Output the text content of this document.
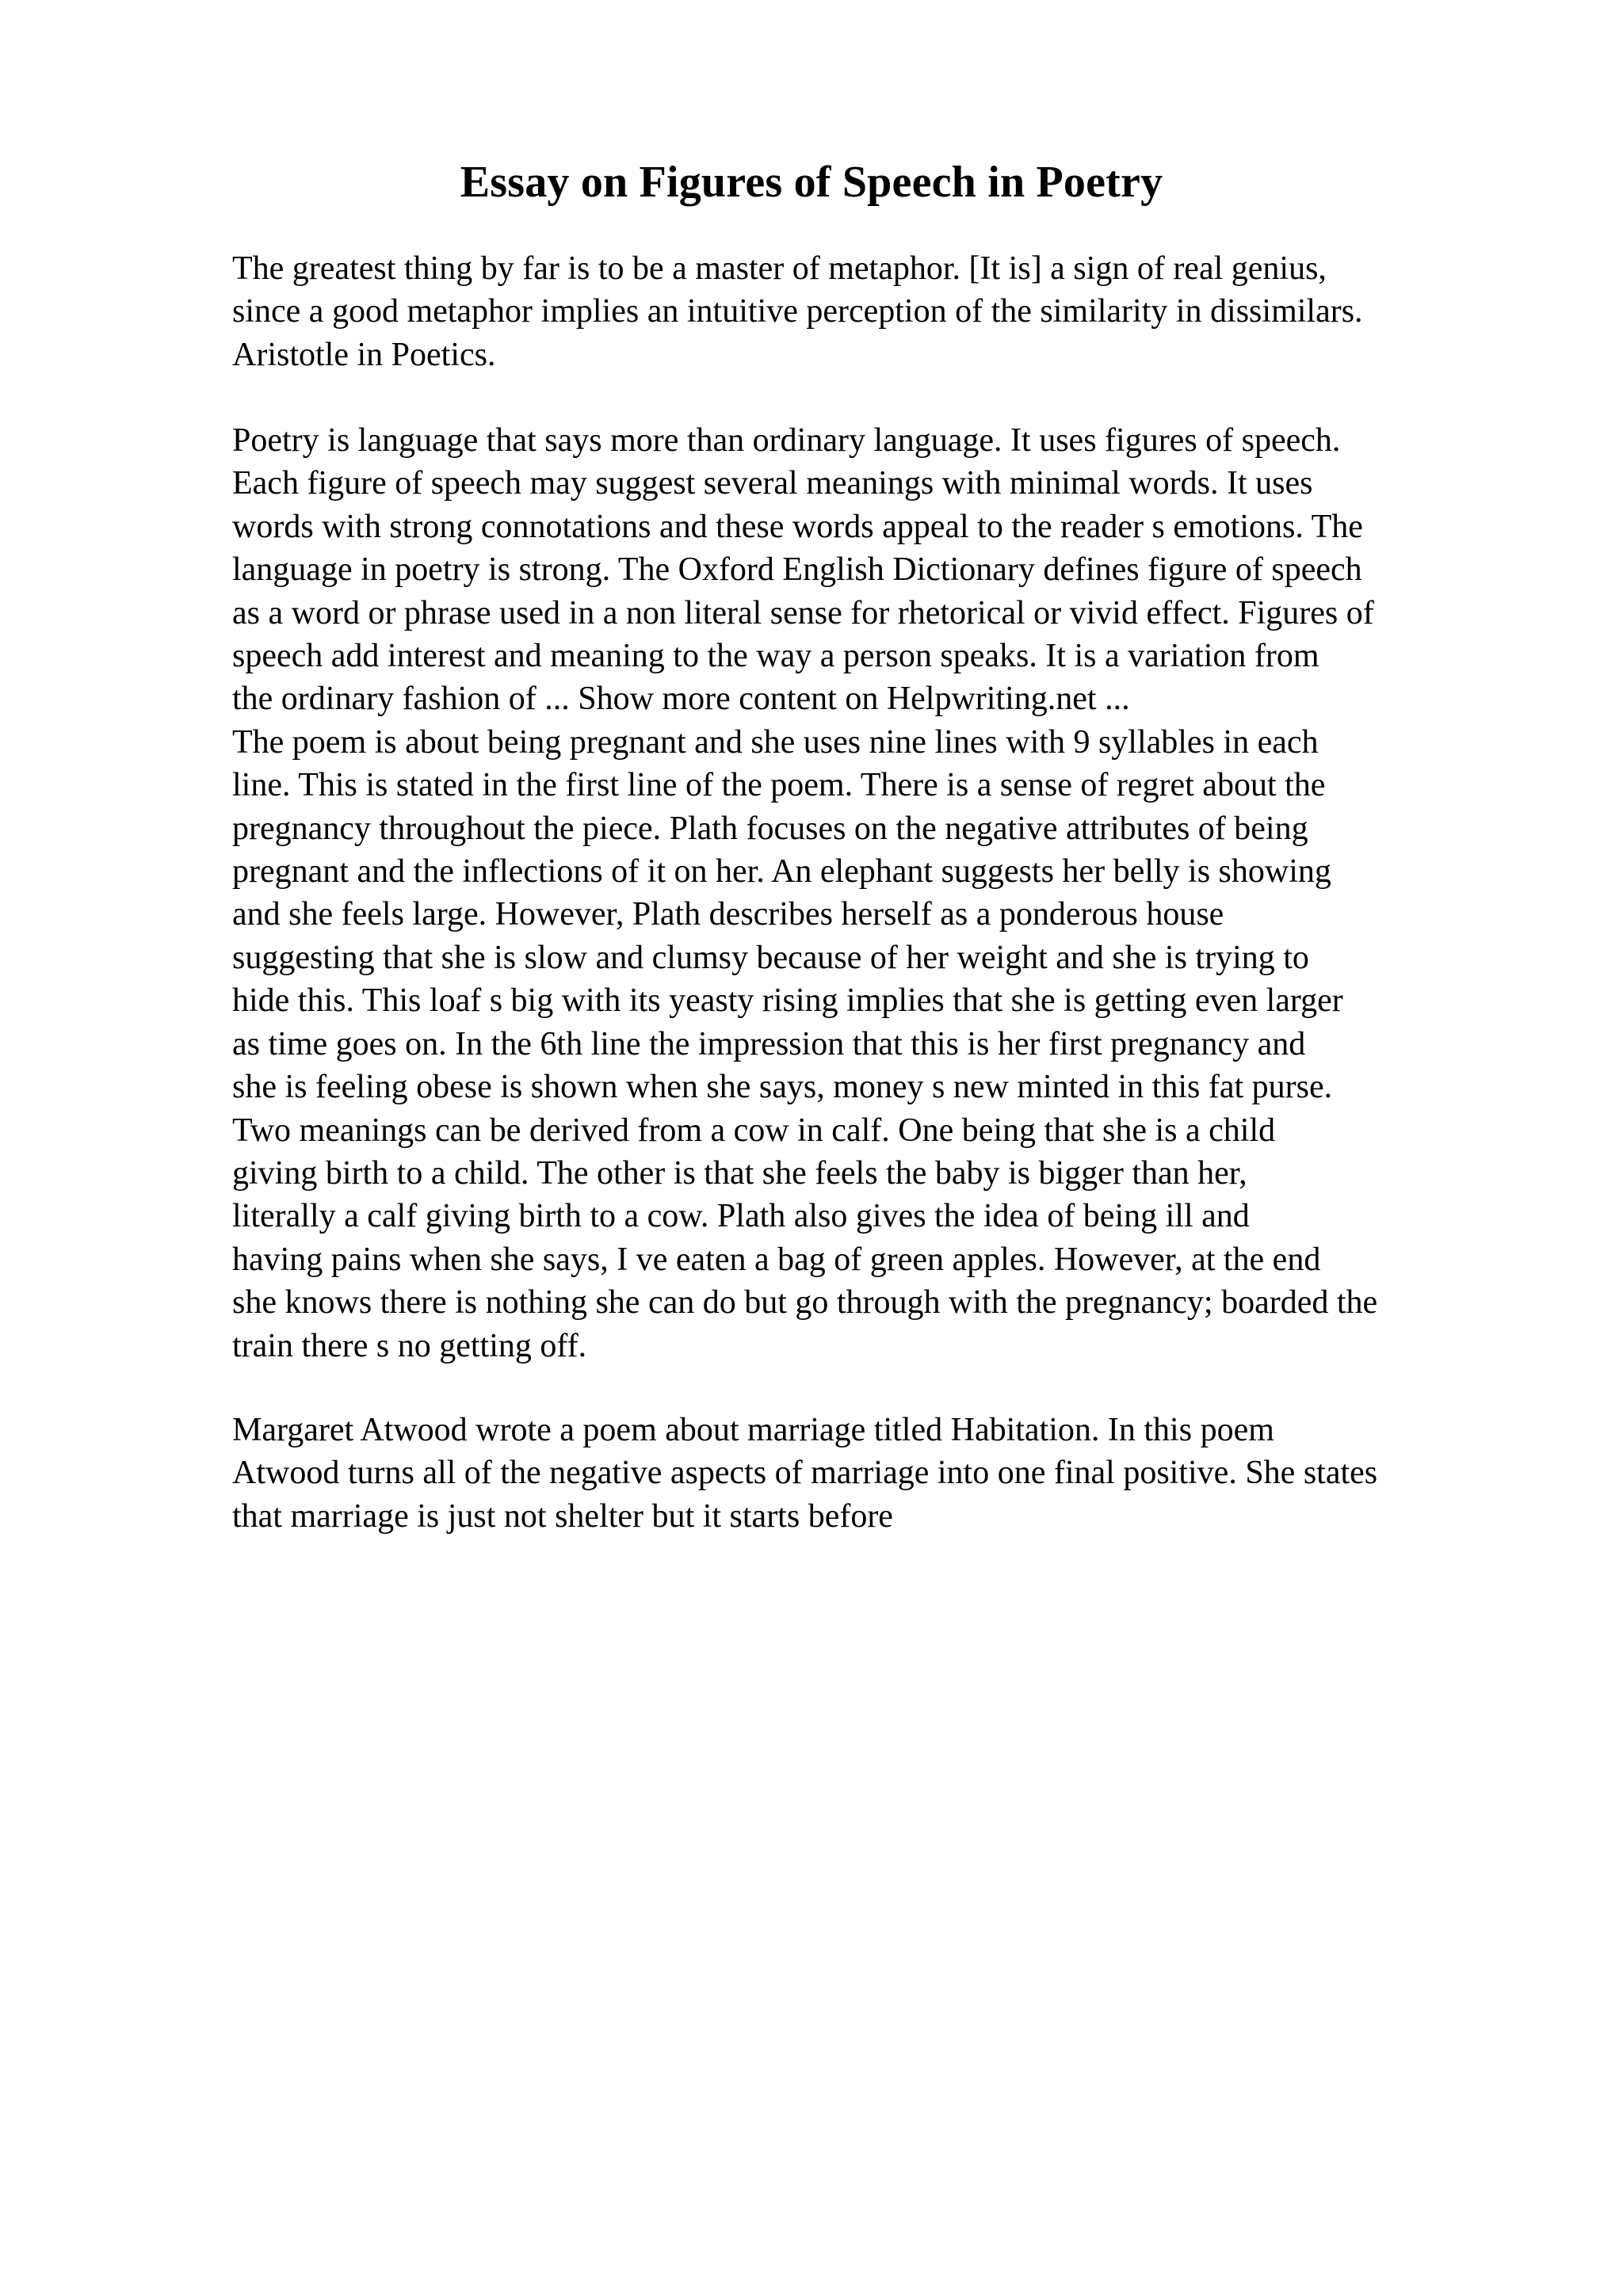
Essay on Figures of Speech in Poetry

The greatest thing by far is to be a master of metaphor. [It is] a sign of real genius,
since a good metaphor implies an intuitive perception of the similarity in dissimilars.
Aristotle in Poetics.

Poetry is language that says more than ordinary language. It uses figures of speech.
Each figure of speech may suggest several meanings with minimal words. It uses
words with strong connotations and these words appeal to the reader s emotions. The
language in poetry is strong. The Oxford English Dictionary defines figure of speech
as a word or phrase used in a non literal sense for rhetorical or vivid effect. Figures of
speech add interest and meaning to the way a person speaks. It is a variation from
the ordinary fashion of ... Show more content on Helpwriting.net ...
The poem is about being pregnant and she uses nine lines with 9 syllables in each
line. This is stated in the first line of the poem. There is a sense of regret about the
pregnancy throughout the piece. Plath focuses on the negative attributes of being
pregnant and the inflections of it on her. An elephant suggests her belly is showing
and she feels large. However, Plath describes herself as a ponderous house
suggesting that she is slow and clumsy because of her weight and she is trying to
hide this. This loaf s big with its yeasty rising implies that she is getting even larger
as time goes on. In the 6th line the impression that this is her first pregnancy and
she is feeling obese is shown when she says, money s new minted in this fat purse.
Two meanings can be derived from a cow in calf. One being that she is a child
giving birth to a child. The other is that she feels the baby is bigger than her,
literally a calf giving birth to a cow. Plath also gives the idea of being ill and
having pains when she says, I ve eaten a bag of green apples. However, at the end
she knows there is nothing she can do but go through with the pregnancy; boarded the
train there s no getting off.

Margaret Atwood wrote a poem about marriage titled Habitation. In this poem
Atwood turns all of the negative aspects of marriage into one final positive. She states
that marriage is just not shelter but it starts before
